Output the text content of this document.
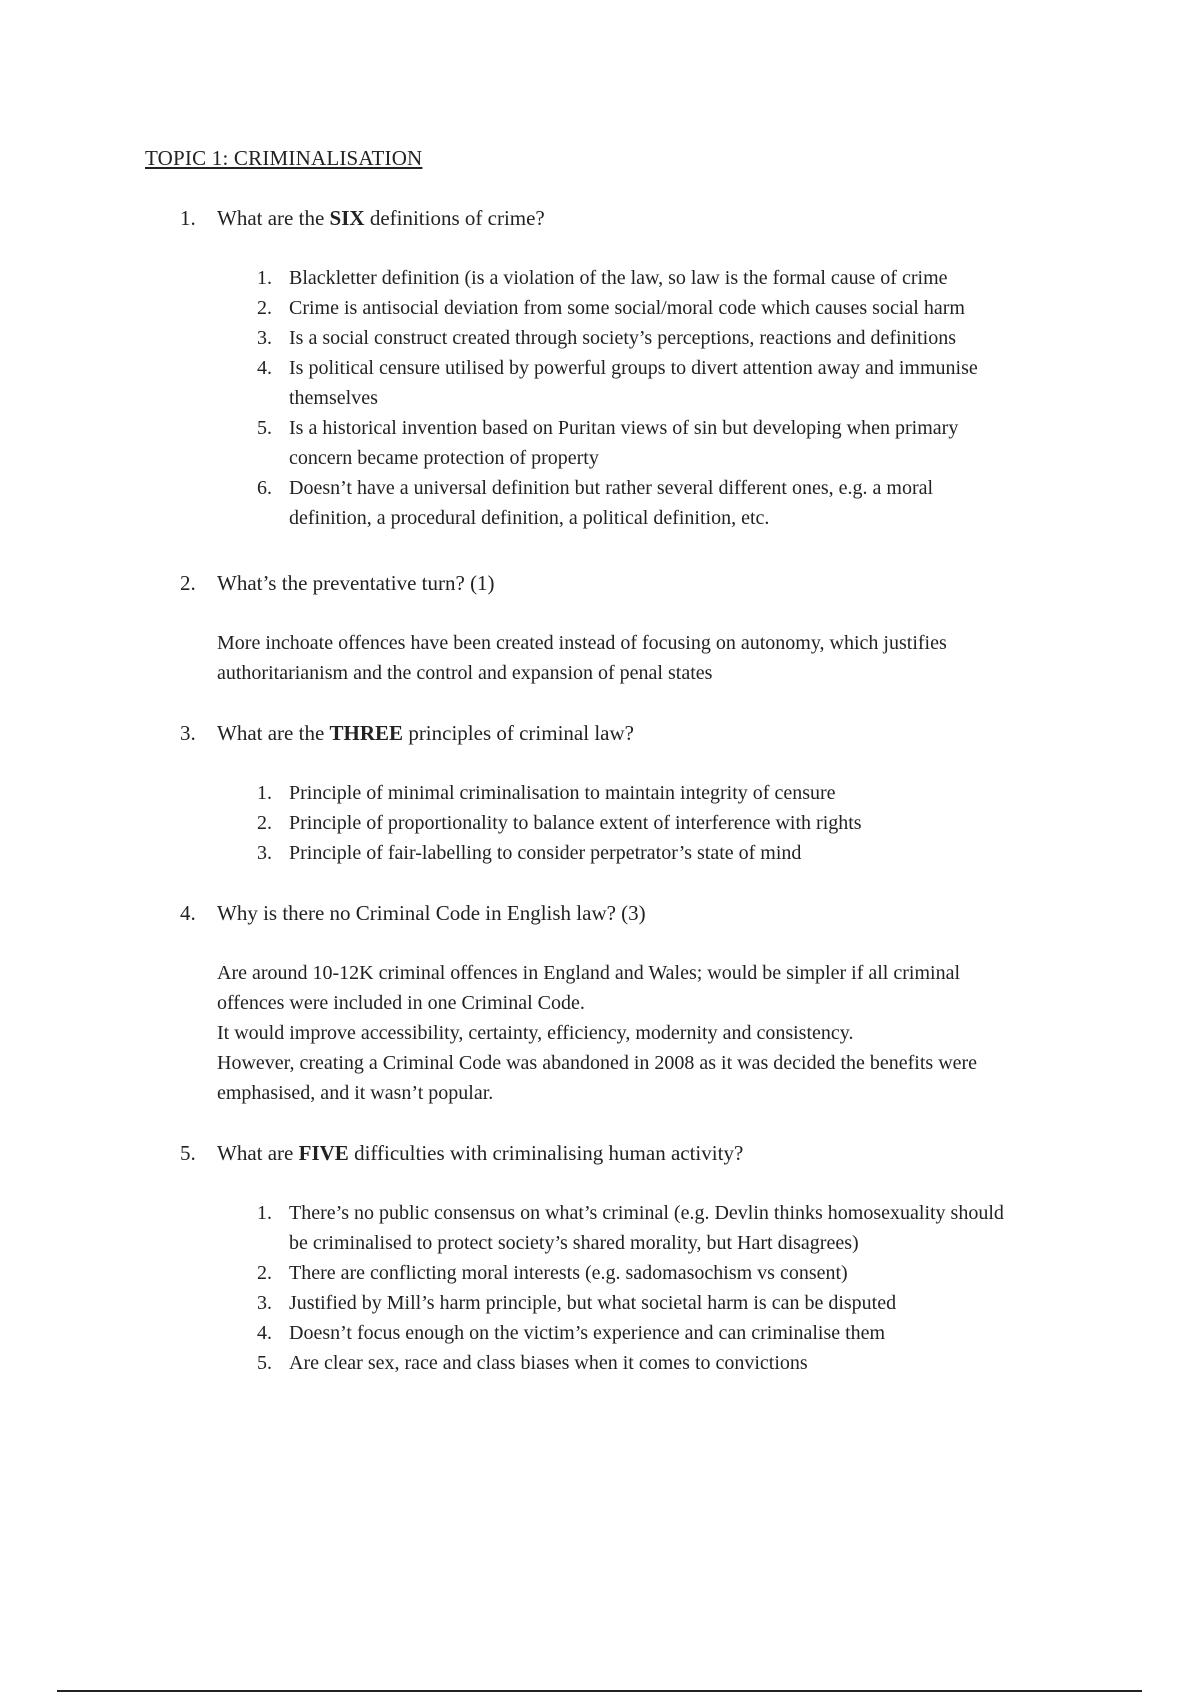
TOPIC 1: CRIMINALISATION
1. What are the SIX definitions of crime?
1. Blackletter definition (is a violation of the law, so law is the formal cause of crime
2. Crime is antisocial deviation from some social/moral code which causes social harm
3. Is a social construct created through society’s perceptions, reactions and definitions
4. Is political censure utilised by powerful groups to divert attention away and immunise
themselves
5. Is a historical invention based on Puritan views of sin but developing when primary
concern became protection of property
6. Doesn’t have a universal definition but rather several different ones, e.g. a moral
definition, a procedural definition, a political definition, etc.
2. What’s the preventative turn? (1)
More inchoate offences have been created instead of focusing on autonomy, which justifies
authoritarianism and the control and expansion of penal states
3. What are the THREE principles of criminal law?
1. Principle of minimal criminalisation to maintain integrity of censure
2. Principle of proportionality to balance extent of interference with rights
3. Principle of fair-labelling to consider perpetrator’s state of mind
4. Why is there no Criminal Code in English law? (3)
Are around 10-12K criminal offences in England and Wales; would be simpler if all criminal
offences were included in one Criminal Code.
It would improve accessibility, certainty, efficiency, modernity and consistency.
However, creating a Criminal Code was abandoned in 2008 as it was decided the benefits were
emphasised, and it wasn’t popular.
5. What are FIVE difficulties with criminalising human activity?
1. There’s no public consensus on what’s criminal (e.g. Devlin thinks homosexuality should
be criminalised to protect society’s shared morality, but Hart disagrees)
2. There are conflicting moral interests (e.g. sadomasochism vs consent)
3. Justified by Mill’s harm principle, but what societal harm is can be disputed
4. Doesn’t focus enough on the victim’s experience and can criminalise them
5. Are clear sex, race and class biases when it comes to convictions
